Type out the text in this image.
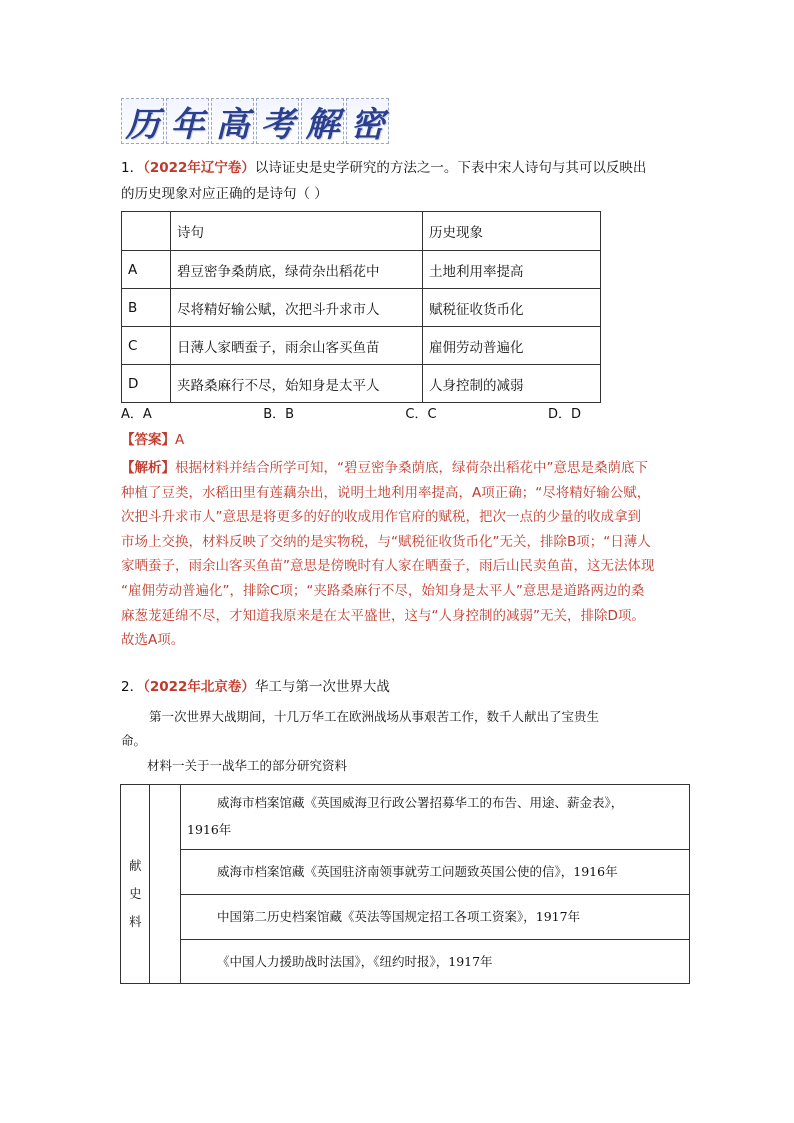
历 年 高 考 解 密
1．（2022年辽宁卷）以诗证史是史学研究的方法之一。下表中宋人诗句与其可以反映出
的历史现象对应正确的是诗句（ ）
	诗句	历史现象
A	碧豆密争桑荫底，绿荷杂出稻花中	土地利用率提高
B	尽将精好输公赋，次把斗升求市人	赋税征收货币化
C	日薄人家晒蚕子，雨余山客买鱼苗	雇佣劳动普遍化
D	夹路桑麻行不尽，始知身是太平人	人身控制的减弱
A．A	B．B	C．C	D．D
【答案】A
【解析】根据材料并结合所学可知，“碧豆密争桑荫底，绿荷杂出稻花中”意思是桑荫底下
种植了豆类，水稻田里有莲藕杂出，说明土地利用率提高，A项正确；“尽将精好输公赋，
次把斗升求市人”意思是将更多的好的收成用作官府的赋税，把次一点的少量的收成拿到
市场上交换，材料反映了交纳的是实物税，与“赋税征收货币化”无关，排除B项；“日薄人
家晒蚕子，雨余山客买鱼苗”意思是傍晚时有人家在晒蚕子，雨后山民卖鱼苗，这无法体现
“雇佣劳动普遍化”，排除C项；“夹路桑麻行不尽，始知身是太平人”意思是道路两边的桑
麻葱茏延绵不尽，才知道我原来是在太平盛世，这与“人身控制的减弱”无关，排除D项。
故选A项。
2．（2022年北京卷）华工与第一次世界大战
第一次世界大战期间，十几万华工在欧洲战场从事艰苦工作，数千人献出了宝贵生
命。
材料一关于一战华工的部分研究资料
献
史
料
威海市档案馆藏《英国威海卫行政公署招募华工的布告、用途、薪金表》，
1916年
威海市档案馆藏《英国驻济南领事就劳工问题致英国公使的信》，1916年
中国第二历史档案馆藏《英法等国规定招工各项工资案》，1917年
《中国人力援助战时法国》，《纽约时报》，1917年
